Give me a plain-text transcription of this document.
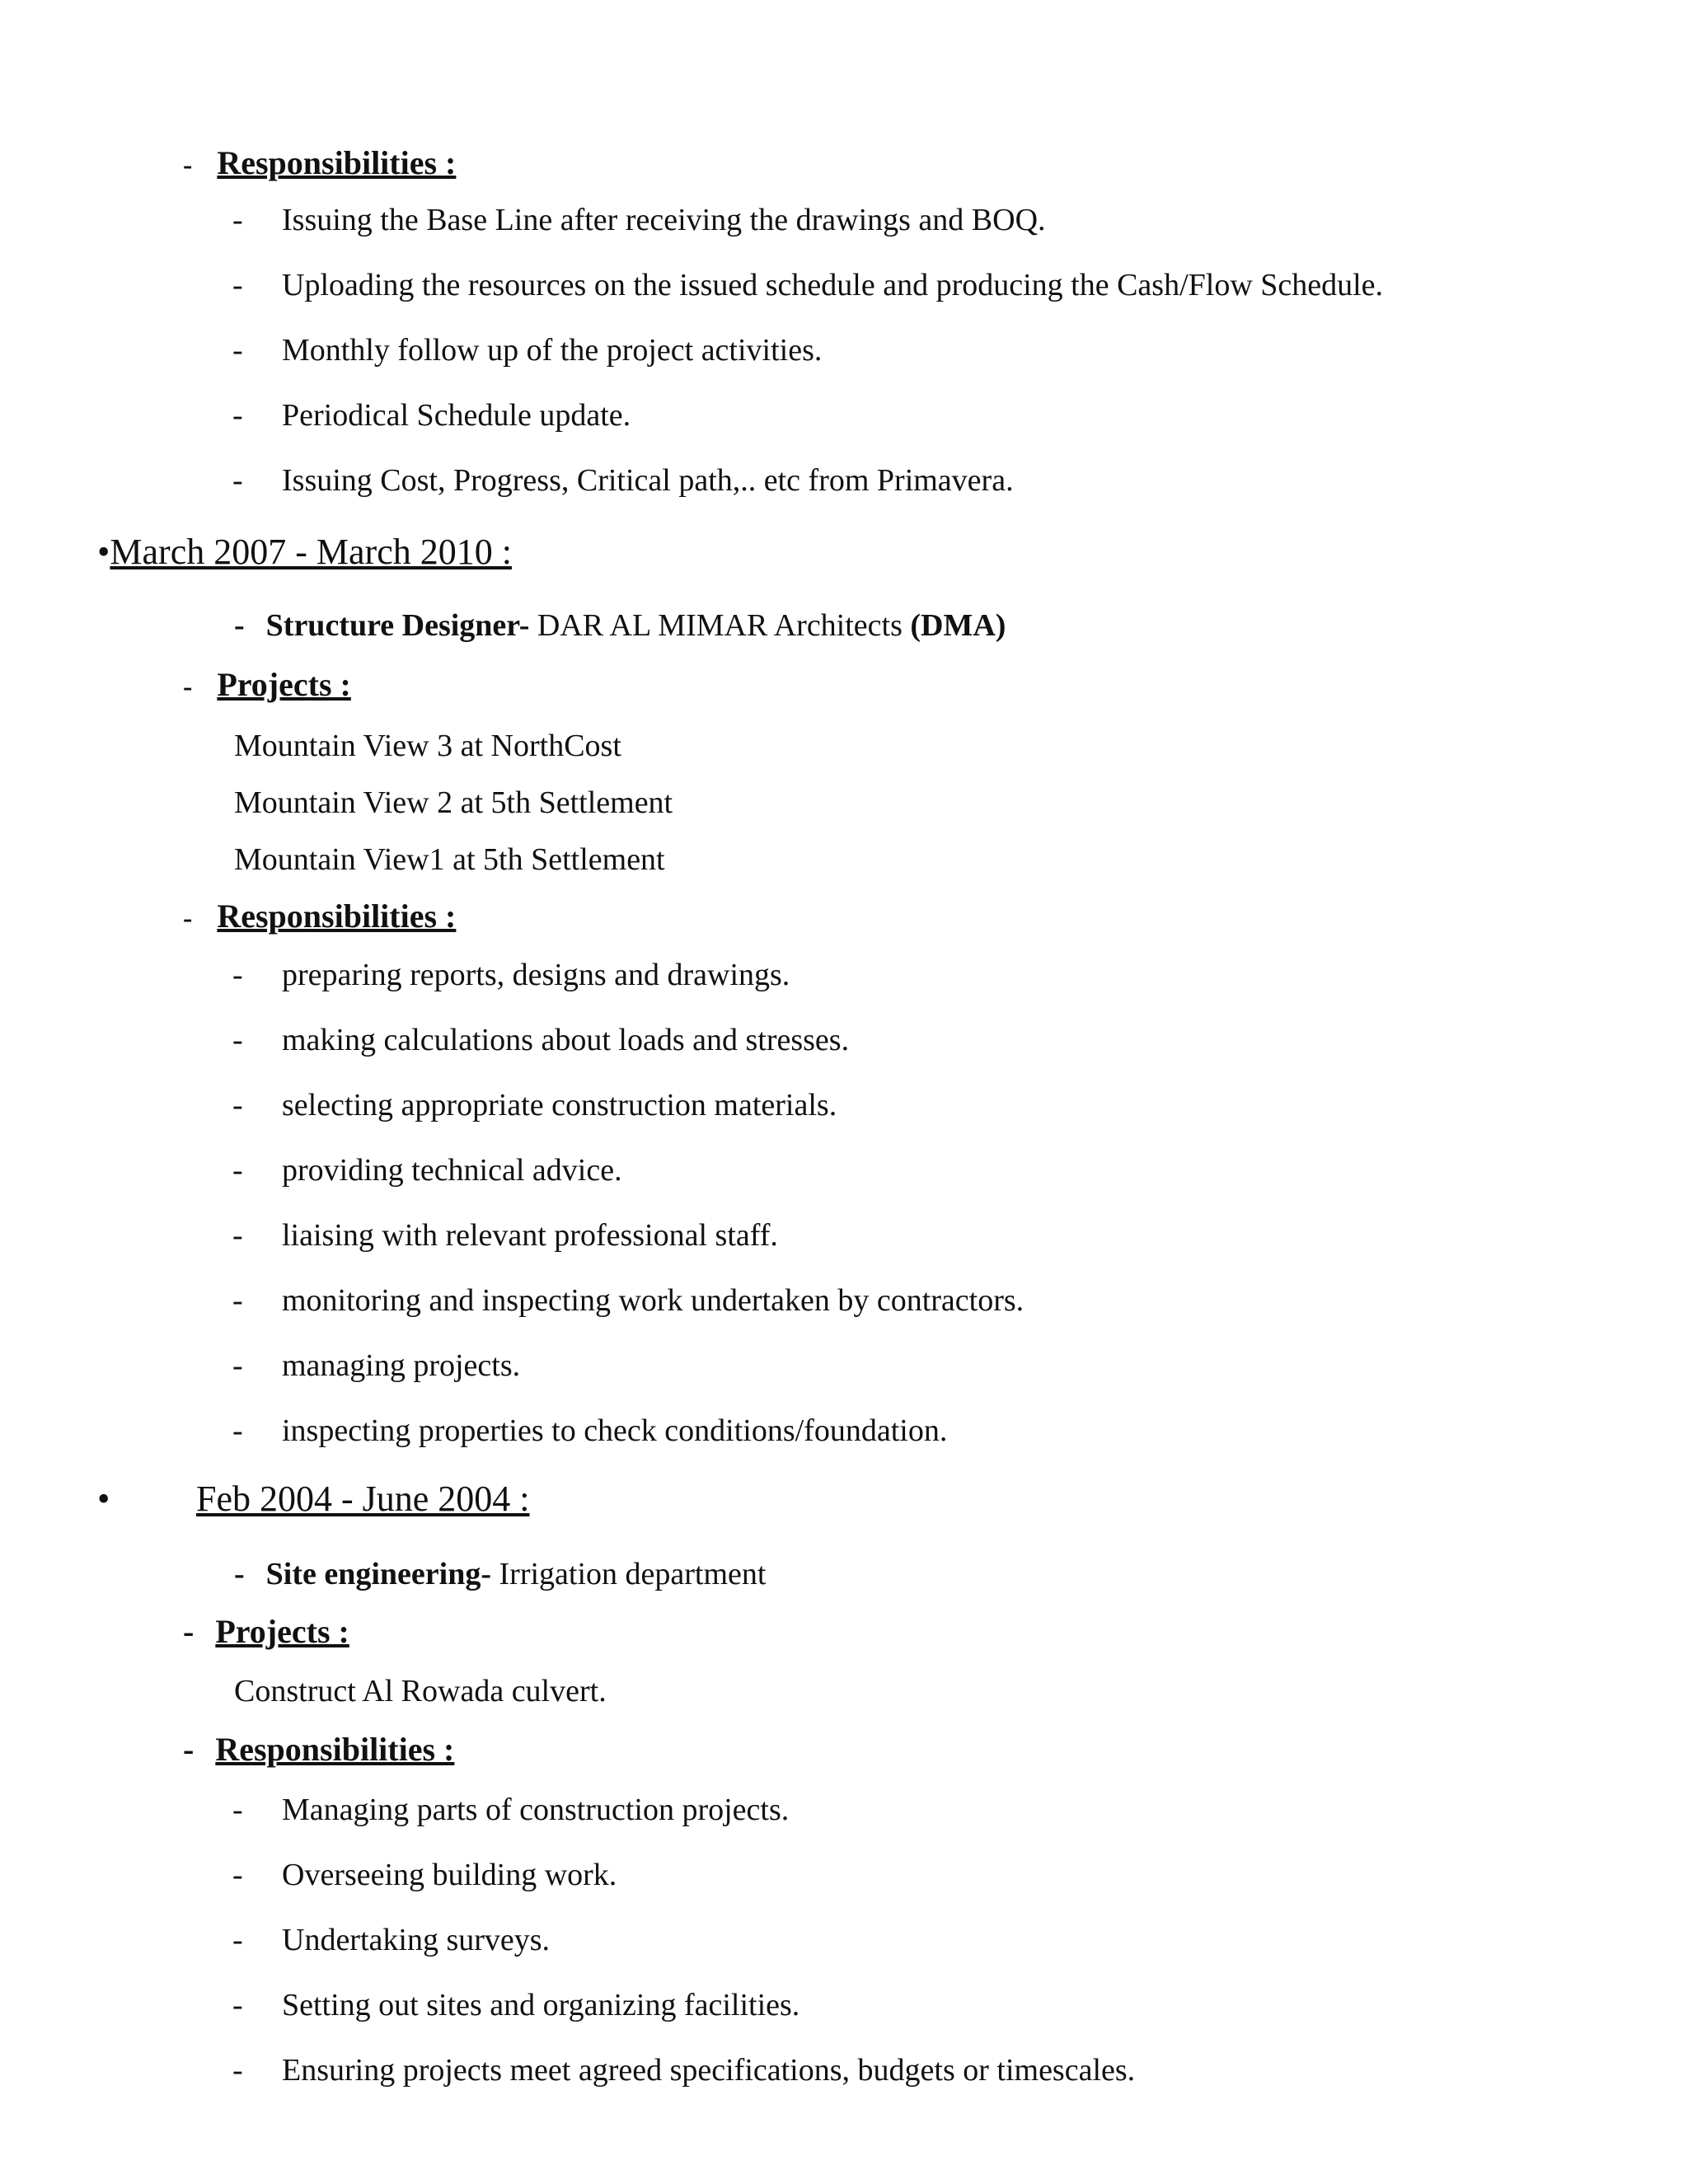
- Responsibilities :
- Issuing the Base Line after receiving the drawings and BOQ.
- Uploading the resources on the issued schedule and producing the Cash/Flow Schedule.
- Monthly follow up of the project activities.
- Periodical Schedule update.
- Issuing Cost, Progress, Critical path,.. etc from Primavera.
•March 2007 - March 2010 :
- Structure Designer- DAR AL MIMAR Architects (DMA)
- Projects :
Mountain View 3 at NorthCost
Mountain View 2 at 5th Settlement
Mountain View1 at 5th Settlement
- Responsibilities :
- preparing reports, designs and drawings.
- making calculations about loads and stresses.
- selecting appropriate construction materials.
- providing technical advice.
- liaising with relevant professional staff.
- monitoring and inspecting work undertaken by contractors.
- managing projects.
- inspecting properties to check conditions/foundation.
• Feb 2004 - June 2004 :
- Site engineering- Irrigation department
- Projects :
Construct Al Rowada culvert.
- Responsibilities :
- Managing parts of construction projects.
- Overseeing building work.
- Undertaking surveys.
- Setting out sites and organizing facilities.
- Ensuring projects meet agreed specifications, budgets or timescales.
